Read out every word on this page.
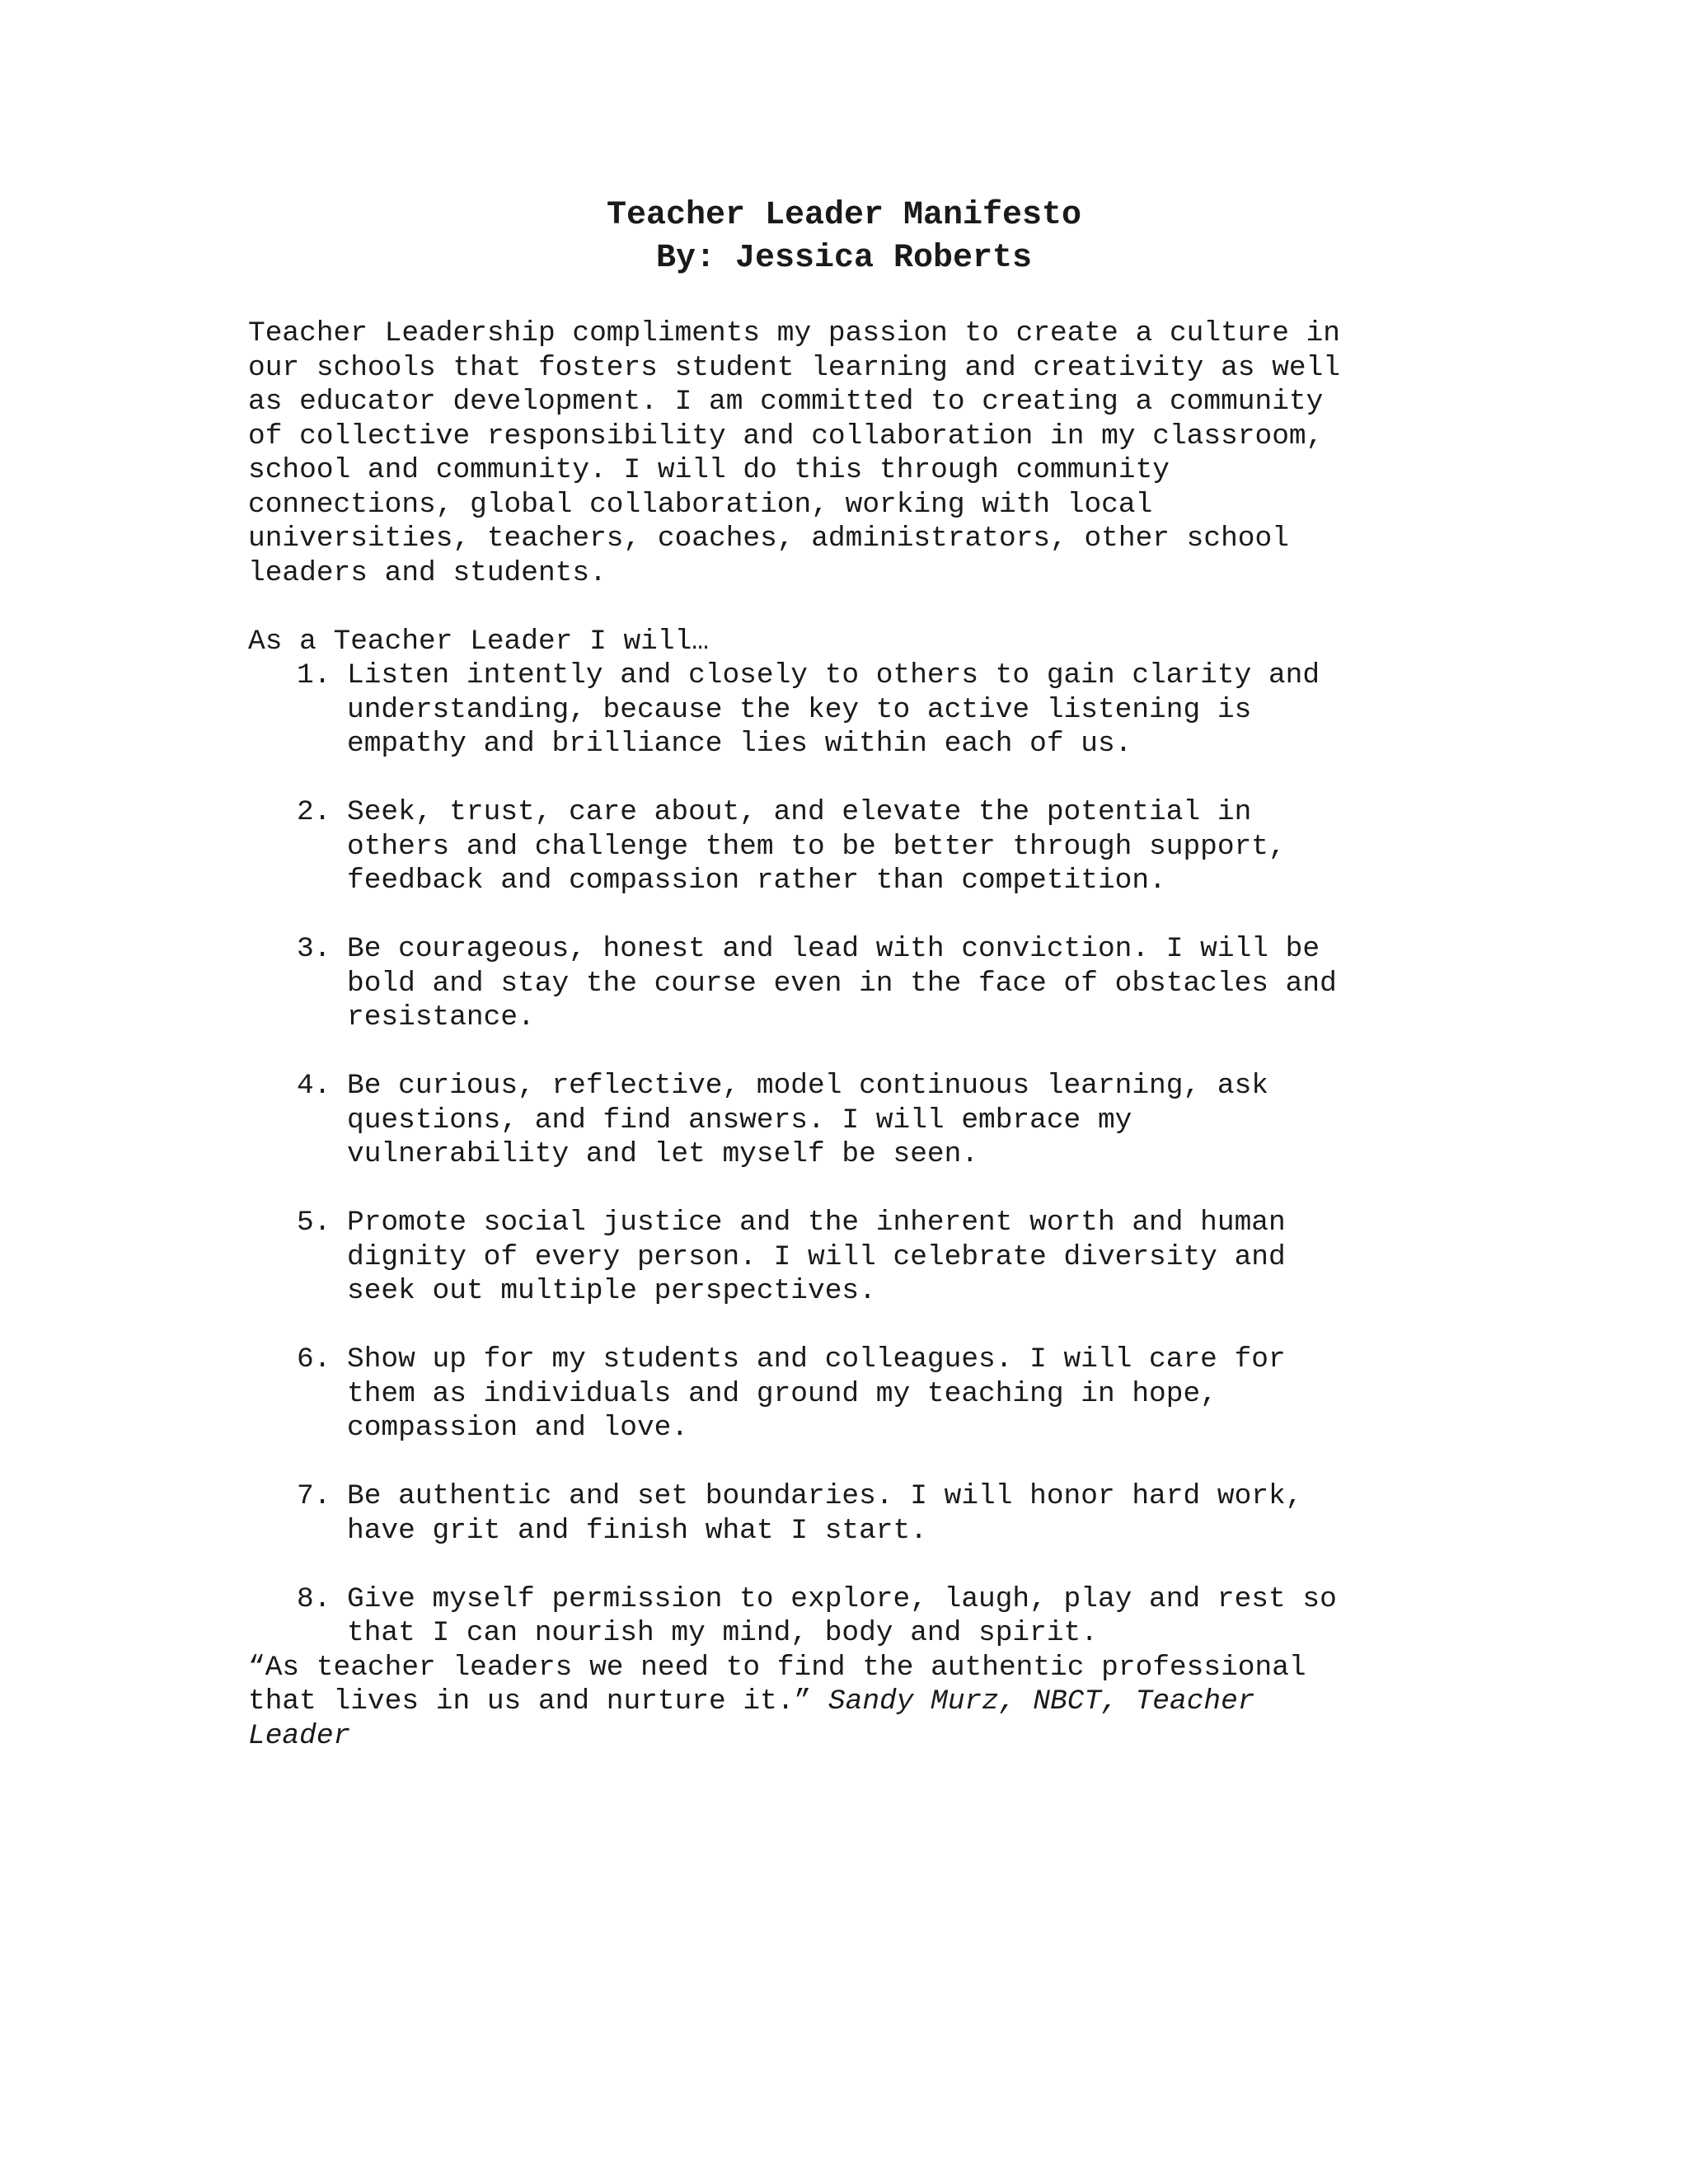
Teacher Leader Manifesto
By: Jessica Roberts

Teacher Leadership compliments my passion to create a culture in

our schools that fosters student learning and creativity as well

as educator development. I am committed to creating a community

of collective responsibility and collaboration in my classroom,

school and community. I will do this through community

connections, global collaboration, working with local

universities, teachers, coaches, administrators, other school

leaders and students.

As a Teacher Leader I will…

1. Listen intently and closely to others to gain clarity and
understanding, because the key to active listening is
empathy and brilliance lies within each of us.
2. Seek, trust, care about, and elevate the potential in
others and challenge them to be better through support,
feedback and compassion rather than competition.
3. Be courageous, honest and lead with conviction. I will be
bold and stay the course even in the face of obstacles and
resistance.
4. Be curious, reflective, model continuous learning, ask
questions, and find answers. I will embrace my
vulnerability and let myself be seen.
5. Promote social justice and the inherent worth and human
dignity of every person. I will celebrate diversity and
seek out multiple perspectives.
6. Show up for my students and colleagues. I will care for
them as individuals and ground my teaching in hope,
compassion and love.
7. Be authentic and set boundaries. I will honor hard work,
have grit and finish what I start.
8. Give myself permission to explore, laugh, play and rest so
that I can nourish my mind, body and spirit.
“As teacher leaders we need to find the authentic professional
that lives in us and nurture it.” Sandy Murz, NBCT, Teacher
Leader
